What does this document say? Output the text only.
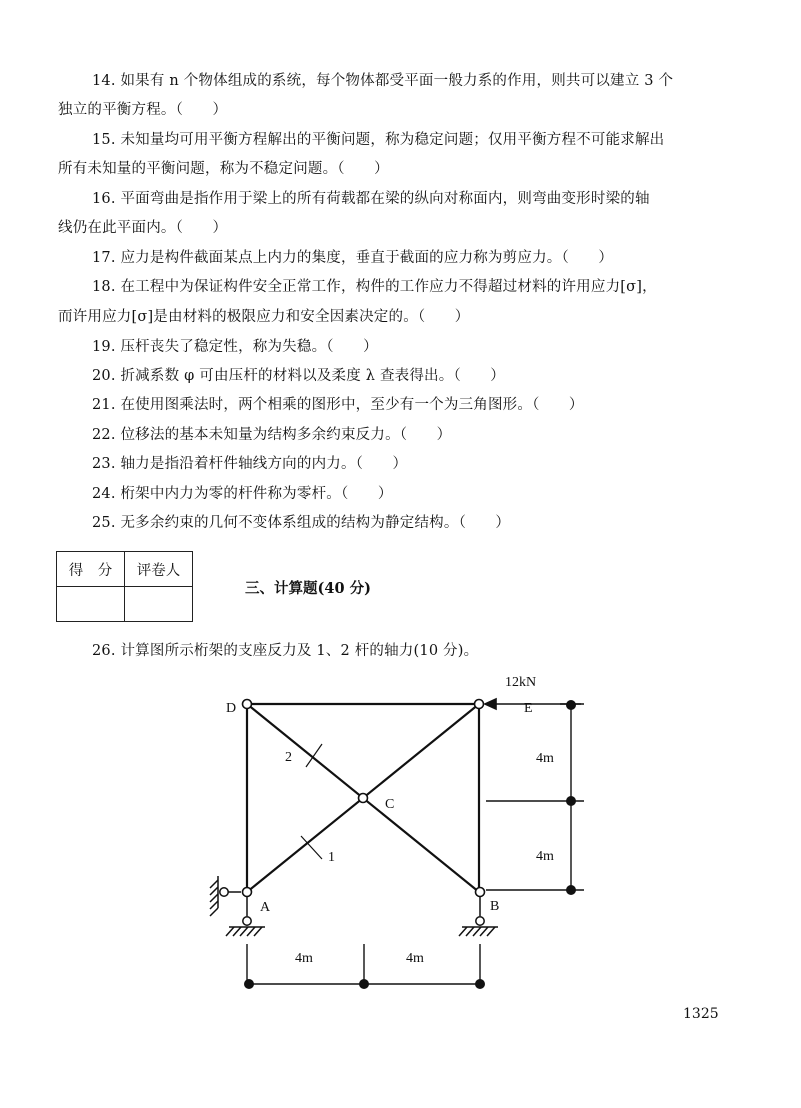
14. 如果有 n 个物体组成的系统，每个物体都受平面一般力系的作用，则共可以建立 3 个
独立的平衡方程。（　　）
15. 未知量均可用平衡方程解出的平衡问题，称为稳定问题；仅用平衡方程不可能求解出
所有未知量的平衡问题，称为不稳定问题。（　　）
16. 平面弯曲是指作用于梁上的所有荷载都在梁的纵向对称面内，则弯曲变形时梁的轴
线仍在此平面内。（　　）
17. 应力是构件截面某点上内力的集度，垂直于截面的应力称为剪应力。（　　）
18. 在工程中为保证构件安全正常工作，构件的工作应力不得超过材料的许用应力[σ]，
而许用应力[σ]是由材料的极限应力和安全因素决定的。（　　）
19. 压杆丧失了稳定性，称为失稳。（　　）
20. 折减系数 φ 可由压杆的材料以及柔度 λ 查表得出。（　　）
21. 在使用图乘法时，两个相乘的图形中，至少有一个为三角图形。（　　）
22. 位移法的基本未知量为结构多余约束反力。（　　）
23. 轴力是指沿着杆件轴线方向的内力。（　　）
24. 桁架中内力为零的杆件称为零杆。（　　）
25. 无多余约束的几何不变体系组成的结构为静定结构。（　　）
得　分	评卷人

三、计算题(40 分)
26. 计算图所示桁架的支座反力及 1、2 杆的轴力(10 分)。
12kN
D	E
C
A	B
2
1
4m
4m
4m	4m
1325
